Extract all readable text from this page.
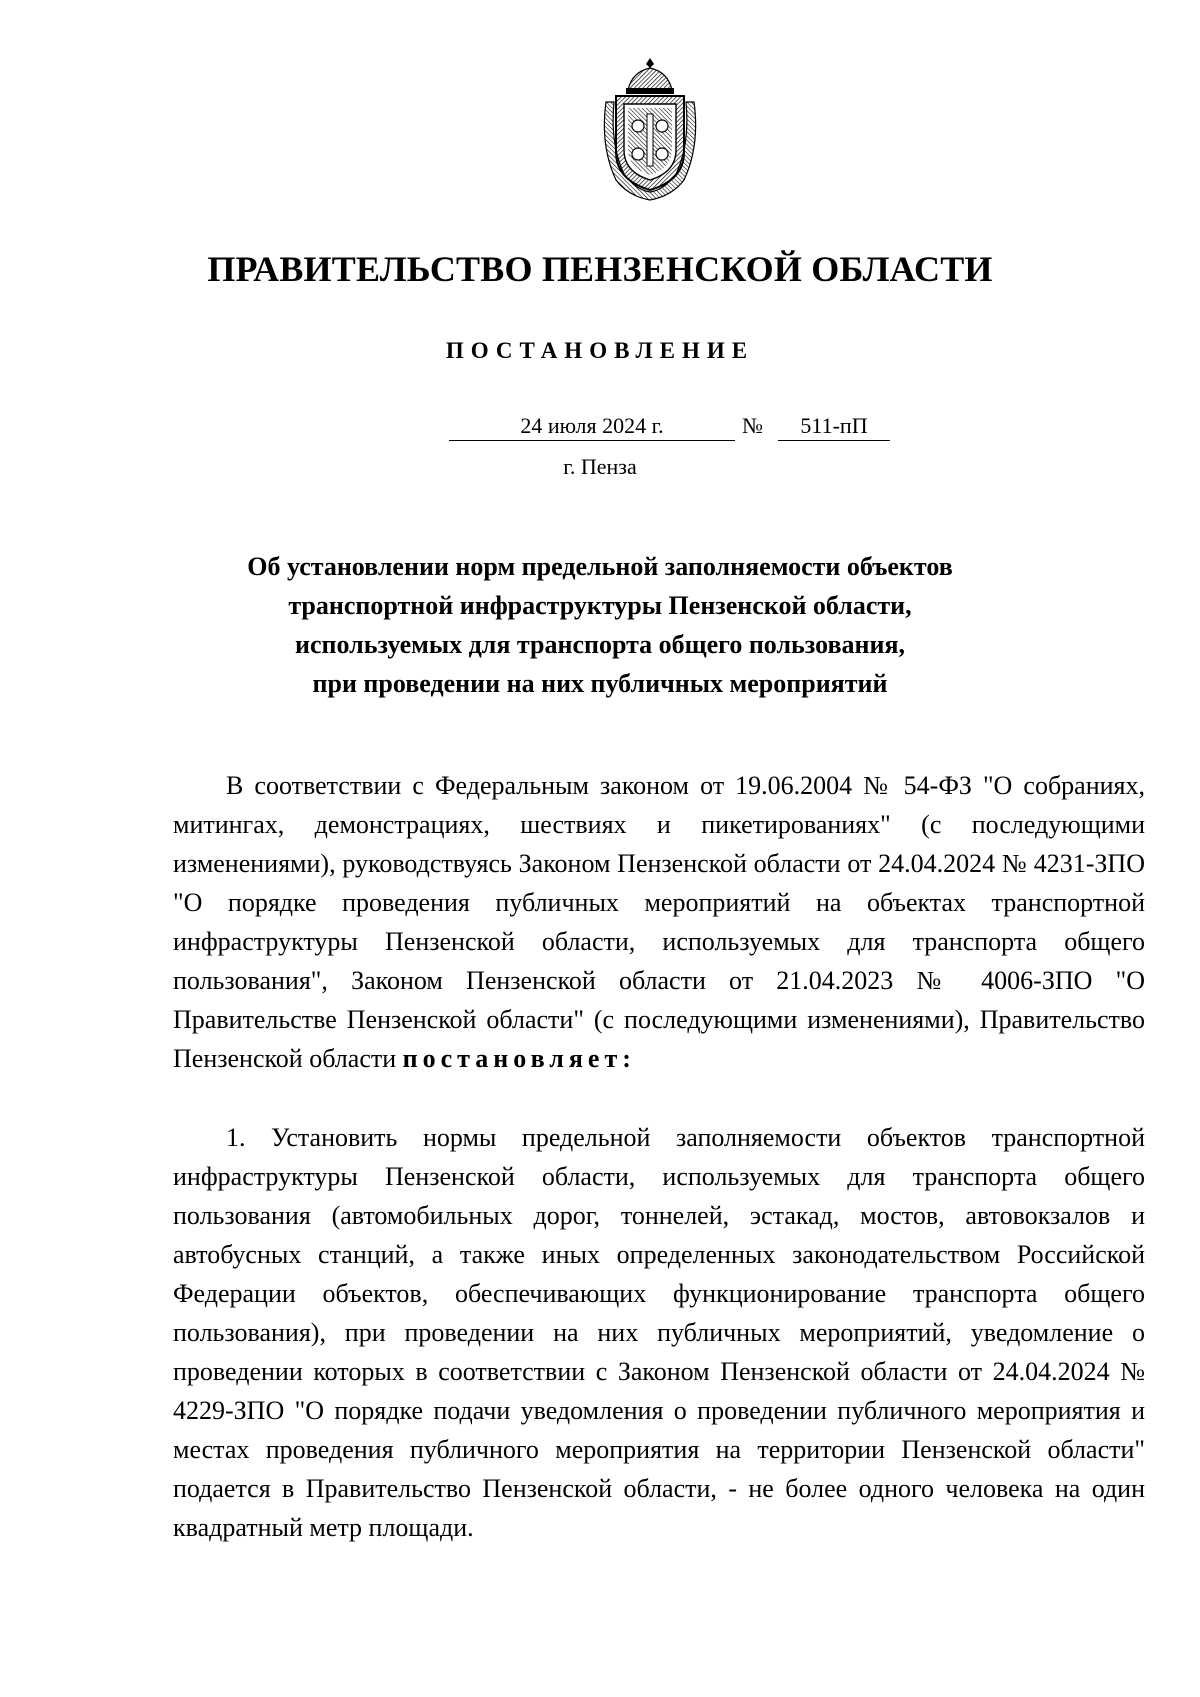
ПРАВИТЕЛЬСТВО ПЕНЗЕНСКОЙ ОБЛАСТИ
ПОСТАНОВЛЕНИЕ
24 июля 2024 г.	№	511-пП
г. Пенза
Об установлении норм предельной заполняемости объектов
транспортной инфраструктуры Пензенской области,
используемых для транспорта общего пользования,
при проведении на них публичных мероприятий
В соответствии с Федеральным законом от 19.06.2004 № 54-ФЗ "О собраниях, митингах, демонстрациях, шествиях и пикетированиях" (с последующими изменениями), руководствуясь Законом Пензенской области от 24.04.2024 № 4231-ЗПО "О порядке проведения публичных мероприятий на объектах транспортной инфраструктуры Пензенской области, используемых для транспорта общего пользования", Законом Пензенской области от 21.04.2023 № 4006-ЗПО "О Правительстве Пензенской области" (с последующими изменениями), Правительство Пензенской области постановляет:
1. Установить нормы предельной заполняемости объектов транспортной инфраструктуры Пензенской области, используемых для транспорта общего пользования (автомобильных дорог, тоннелей, эстакад, мостов, автовокзалов и автобусных станций, а также иных определенных законодательством Российской Федерации объектов, обеспечивающих функционирование транспорта общего пользования), при проведении на них публичных мероприятий, уведомление о проведении которых в соответствии с Законом Пензенской области от 24.04.2024 № 4229-ЗПО "О порядке подачи уведомления о проведении публичного мероприятия и местах проведения публичного мероприятия на территории Пензенской области" подается в Правительство Пензенской области, - не более одного человека на один квадратный метр площади.
